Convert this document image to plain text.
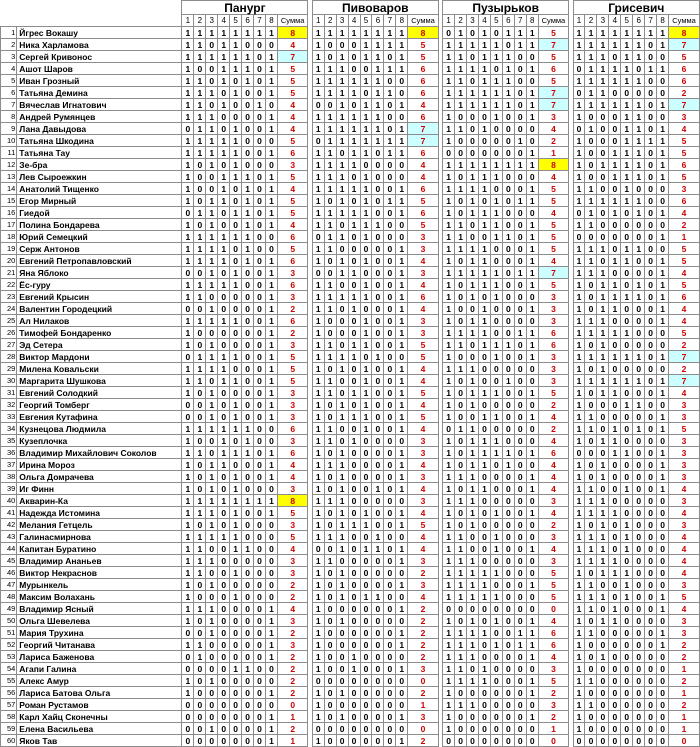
		Панург										Пивоваров										Пузырьков										Грисевич								
		1	2	3	4	5	6	7	8	Сумма		1	2	3	4	5	6	7	8	Сумма		1	2	3	4	5	6	7	8	Сумма		1	2	3	4	5	6	7	8	Сумма
1	Йгрес Вокашу	1	1	1	1	1	1	1	1	8		1	1	1	1	1	1	1	1	8		0	1	0	1	0	1	1	1	5		1	1	1	1	1	1	1	1	8
2	Ника Харламова	1	1	0	1	1	0	0	0	4		1	0	0	0	1	1	1	1	5		1	1	1	1	1	0	1	1	7		1	1	1	1	1	1	0	1	7
3	Сергей Кривонос	1	1	1	1	1	1	0	1	7		1	0	1	0	1	1	0	1	5		1	1	0	1	1	1	0	0	5		1	1	1	0	1	1	0	0	5
4	Ашот Шаров	1	0	0	1	1	1	0	1	5		1	1	1	0	0	1	1	1	6		1	1	1	1	0	1	0	1	6		0	1	1	1	1	0	1	1	6
5	Иван Грозный	1	1	0	1	0	1	0	1	5		1	1	1	1	1	1	0	0	6		1	1	0	1	1	1	0	0	5		1	1	1	1	1	1	0	0	6
6	Татьяна Демина	1	1	1	0	1	0	0	1	5		1	1	1	1	0	1	1	0	6		1	1	1	1	1	1	0	1	7		0	1	1	0	0	0	0	0	2
7	Вячеслав Игнатович	1	1	0	1	0	0	1	0	4		0	0	1	0	1	1	0	1	4		1	1	1	1	1	1	0	1	7		1	1	1	1	1	1	0	1	7
8	Андрей Румянцев	1	1	1	0	0	0	0	1	4		1	1	1	1	1	1	0	0	6		1	0	0	0	1	0	0	1	3		1	0	0	0	1	1	0	0	3
9	Лана Давыдова	0	1	1	0	1	0	0	1	4		1	1	1	1	1	1	0	1	7		1	1	0	1	0	0	0	0	4		0	1	0	0	1	1	0	1	4
10	Татьяна Шкодина	1	1	1	1	1	0	0	0	5		0	1	1	1	1	1	1	1	7		1	0	0	0	0	0	1	0	2		1	0	0	0	1	1	1	1	5
11	Татьяна Тау	1	1	1	1	1	0	0	1	6		1	1	0	1	1	0	1	1	6		0	0	0	0	0	0	0	1	1		1	0	0	1	1	1	0	1	5
12	Зе-бра	1	0	1	0	1	0	0	0	3		1	1	1	1	0	0	0	0	4		1	1	1	1	1	1	1	1	8		1	0	1	1	1	1	0	1	6
13	Лев Сыроежкин	1	0	0	1	1	1	0	1	5		1	1	1	0	1	0	0	0	4		1	0	1	1	1	0	0	0	4		1	0	0	1	1	1	0	1	5
14	Анатолий Тищенко	1	0	0	1	0	1	0	1	4		1	1	1	1	1	0	0	1	6		1	1	1	1	0	0	0	1	5		1	1	0	0	1	0	0	0	3
15	Егор Мирный	1	0	1	1	0	1	0	1	5		1	0	1	0	1	0	1	1	5		1	0	1	0	1	0	1	1	5		1	1	1	1	1	1	0	0	6
16	Гиедой	0	1	1	0	1	1	0	1	5		1	1	1	1	1	0	0	1	6		1	0	1	1	1	0	0	0	4		0	1	0	1	0	1	0	1	4
17	Полина Бондарева	1	0	1	0	0	1	0	1	4		1	1	0	1	1	1	0	0	5		1	1	0	1	1	0	0	1	5		1	1	0	0	0	0	0	0	2
18	Юрий Семецкий	1	1	1	1	1	1	0	0	6		0	1	1	0	1	0	0	0	3		1	1	0	0	1	1	0	1	5		0	0	0	0	0	0	0	1	1
19	Серж Антонов	1	1	1	1	0	1	0	0	5		1	1	0	0	0	0	0	1	3		1	1	1	1	0	0	0	1	5		1	1	1	0	1	1	0	0	5
20	Евгений Петропавловский	1	1	1	1	0	1	0	1	6		1	0	1	0	1	0	0	1	4		1	0	1	1	0	0	0	1	4		1	1	0	1	1	0	0	1	5
21	Яна Яблоко	0	0	1	0	1	0	0	1	3		0	0	1	1	0	0	0	1	3		1	1	1	1	1	0	1	1	7		1	1	1	0	0	0	0	1	4
22	Ёс-гуру	1	1	1	1	1	0	0	1	6		1	1	0	0	1	0	0	1	4		1	0	1	1	1	0	0	1	5		1	0	1	1	0	1	0	1	5
23	Евгений Крысин	1	1	0	0	0	0	0	1	3		1	1	1	1	1	0	0	1	6		1	0	1	0	1	0	0	0	3		1	0	1	1	1	1	0	1	6
24	Валентин Городецкий	0	0	1	0	0	0	0	1	2		1	1	0	1	0	0	0	1	4		1	0	0	1	0	0	0	1	3		1	0	1	1	0	0	0	1	4
25	Ал Нилаков	1	1	1	1	1	0	0	1	6		1	0	0	0	1	0	0	1	3		1	0	1	1	0	0	0	0	3		1	1	1	0	0	0	0	1	4
26	Тимофей Бондаренко	1	0	0	0	0	0	0	1	2		1	0	0	0	1	0	0	1	3		1	1	1	1	0	0	1	1	6		1	1	1	1	1	0	0	0	5
27	Эд Сетера	1	0	1	0	0	0	0	1	3		1	1	0	1	1	0	0	1	5		1	1	0	1	1	1	0	1	6		1	0	1	0	0	0	0	0	2
28	Виктор Мардони	0	1	1	1	1	0	0	1	5		1	1	1	1	0	1	0	0	5		1	0	0	0	1	0	0	1	3		1	1	1	1	1	1	0	1	7
29	Милена Ковальски	1	1	1	1	0	0	0	1	5		1	0	1	0	1	0	0	1	4		1	1	1	0	0	0	0	0	3		1	0	1	0	0	0	0	0	2
30	Маргарита Шушкова	1	1	0	1	1	0	0	1	5		1	1	0	0	1	0	0	1	4		1	0	1	0	0	1	0	0	3		1	1	1	1	1	1	0	1	7
31	Евгений Солодкий	1	0	1	0	0	0	0	1	3		1	1	0	1	1	0	0	1	5		1	0	1	1	1	0	0	1	5		1	0	1	1	0	0	0	1	4
32	Георгий Томберг	0	0	1	0	1	0	0	1	3		1	0	1	0	1	0	0	1	4		1	0	1	0	0	0	0	0	2		1	0	0	0	1	1	0	0	3
33	Евгения Кутафина	0	0	1	0	1	0	0	1	3		1	0	1	1	1	0	0	1	5		1	0	0	1	1	0	0	1	4		1	1	0	0	0	0	0	1	3
34	Кузнецова Людмила	1	1	1	1	1	1	0	0	6		1	1	0	0	1	0	0	1	4		0	1	1	0	0	0	0	0	2		1	1	0	1	0	1	0	1	5
35	Кузеплочка	1	0	0	1	0	1	0	0	3		1	1	0	1	0	0	0	0	3		1	0	1	1	1	0	0	0	4		1	0	1	1	0	0	0	0	3
36	Владимир Михайлович Соколов	1	1	0	1	1	1	0	1	6		1	0	1	0	0	0	0	1	3		1	0	1	1	1	1	0	1	6		0	0	0	1	1	0	0	1	3
37	Ирина Мороз	1	0	1	1	0	0	0	1	4		1	1	1	0	0	0	0	1	4		1	0	1	1	0	1	0	0	4		1	0	1	0	0	0	0	1	3
38	Ольга Домрачева	1	0	1	0	1	0	0	1	4		1	0	1	0	0	0	0	1	3		1	1	1	0	0	0	0	1	4		1	0	1	0	0	0	0	1	3
39	Иг Финн	1	0	1	0	1	0	0	0	3		1	0	1	0	0	1	0	1	4		1	0	1	1	0	0	0	1	4		1	1	0	0	1	0	0	1	4
40	Акварин-Ка	1	1	1	1	1	1	1	1	8		1	1	1	0	0	0	0	0	3		1	1	1	0	0	0	0	0	3		1	1	1	0	0	0	0	0	3
41	Надежда Истомина	1	1	1	0	1	0	0	1	5		1	0	1	0	1	0	0	1	4		1	0	1	0	1	0	0	1	4		1	1	1	1	0	0	0	0	4
42	Мелания Гетцель	1	0	1	0	1	0	0	0	3		1	0	1	1	1	0	0	1	5		1	0	1	0	0	0	0	0	2		1	0	1	0	1	0	0	0	3
43	Галинасмирнова	1	1	1	1	1	0	0	0	5		1	1	1	0	0	1	0	0	4		1	1	0	0	1	0	0	0	3		1	1	1	0	1	0	0	0	4
44	Капитан Буратино	1	1	0	0	1	1	0	0	4		0	0	1	0	1	1	0	1	4		1	1	0	0	1	0	0	1	4		1	1	1	0	1	0	0	0	4
45	Владимир Ананьев	1	1	1	0	0	0	0	0	3		1	1	0	0	0	0	0	1	3		1	1	1	0	0	0	0	0	3		1	1	1	1	0	0	0	0	4
46	Виктор Некраснов	1	1	0	0	1	0	0	0	3		1	0	1	0	0	0	0	0	2		1	1	1	1	1	0	0	0	5		1	0	1	1	1	0	0	0	4
47	Мурынкель	1	0	1	0	0	0	0	0	2		1	0	1	0	0	0	0	1	3		1	1	1	1	0	0	0	1	5		1	1	0	0	1	0	0	0	3
48	Максим Волахань	1	0	0	0	1	0	0	0	2		1	0	1	0	1	1	0	0	4		1	1	1	1	1	0	0	0	5		1	1	1	0	1	0	0	1	5
49	Владимир Ясный	1	1	1	0	0	0	0	1	4		1	0	0	0	0	0	0	1	2		0	0	0	0	0	0	0	0	0		1	1	0	1	0	0	0	1	4
50	Ольга Шевелева	1	0	1	0	0	0	0	1	3		1	0	1	0	0	0	0	0	2		1	0	1	0	1	0	0	1	4		1	0	1	1	0	0	0	0	3
51	Мария Трухина	0	0	1	0	0	0	0	1	2		1	0	0	0	0	0	0	1	2		1	1	1	1	0	0	1	1	6		1	1	0	0	0	0	0	1	3
52	Георгий Читанава	1	1	0	0	0	0	0	1	3		1	0	0	0	0	0	0	1	2		1	1	1	0	1	0	1	1	6		1	0	0	0	0	0	0	1	2
53	Лариса Баженова	0	1	0	0	0	0	0	1	2		1	0	0	1	0	0	0	0	2		1	1	1	0	0	0	0	1	4		1	0	1	0	0	0	0	0	2
54	Агапи Галина	0	0	0	0	1	1	0	0	2		1	0	0	1	0	0	0	1	3		1	1	0	1	0	0	0	0	3		1	0	0	0	0	0	0	0	1
55	Алекс Амур	1	0	1	0	0	0	0	0	2		0	0	0	0	0	0	0	0	0		1	1	1	1	0	0	0	1	5		1	1	0	0	0	0	0	0	2
56	Лариса Батова Ольга	1	0	0	0	0	0	0	1	2		1	0	1	0	0	0	0	0	2		1	0	0	0	0	0	0	1	2		1	0	0	0	0	0	0	0	1
57	Роман Рустамов	0	0	0	0	0	0	0	0	0		1	0	0	0	0	0	0	0	1		1	1	1	0	0	0	0	0	3		1	1	0	0	0	0	0	0	2
58	Карл Хайц Сконечны	0	0	0	0	0	0	0	1	1		1	0	1	0	0	0	0	1	3		1	0	0	0	0	0	0	1	2		1	0	0	0	0	0	0	0	1
59	Елена Васильева	0	0	1	0	0	0	0	1	2		0	0	0	0	0	0	0	0	0		1	0	0	0	0	0	0	0	1		1	0	0	0	0	0	0	0	1
60	Яков Тав	0	0	0	0	0	0	0	1	1		1	0	0	0	0	0	0	1	2		0	0	0	0	0	0	0	0	0		0	0	0	0	0	0	0	0	0
